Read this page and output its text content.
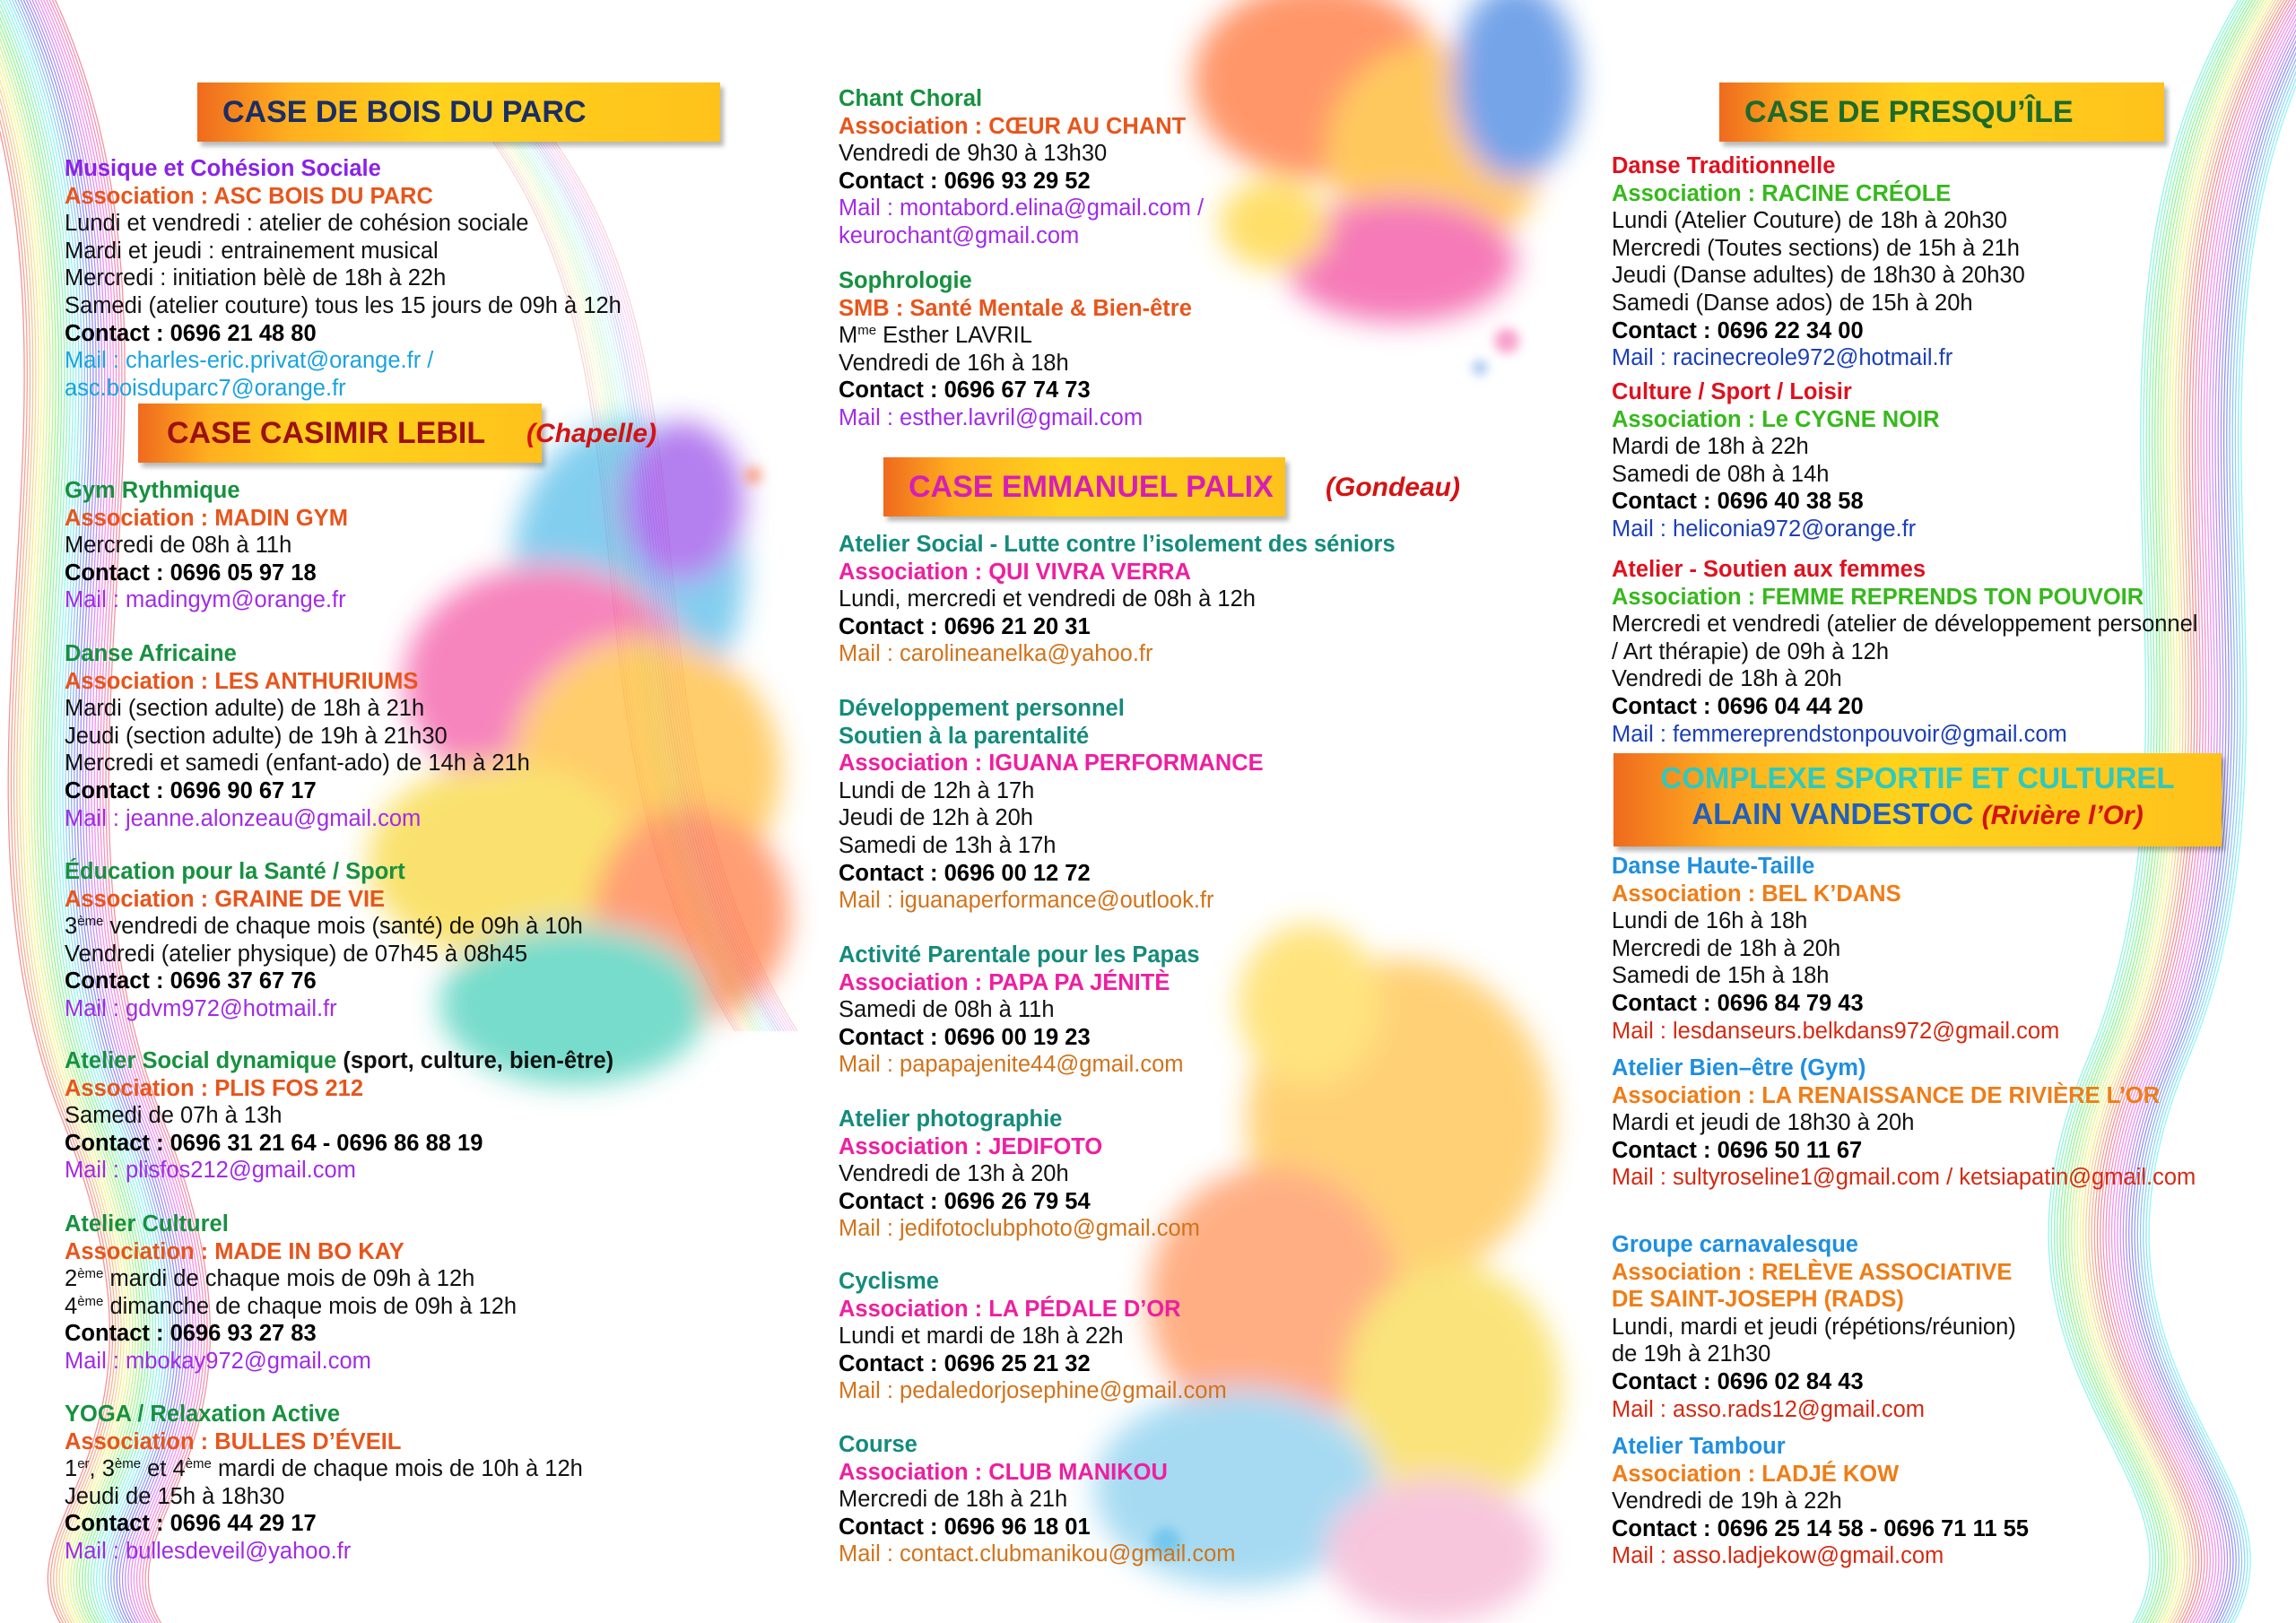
CASE DE BOIS DU PARC
Musique et Cohésion Sociale
Association : ASC BOIS DU PARC
Lundi et vendredi : atelier de cohésion sociale
Mardi et jeudi : entrainement musical
Mercredi : initiation bèlè de 18h à 22h
Samedi (atelier couture) tous les 15 jours de 09h à 12h
Contact : 0696 21 48 80
Mail : charles-eric.privat@orange.fr /
asc.boisduparc7@orange.fr
CASE CASIMIR LEBIL	(Chapelle)
Gym Rythmique
Association : MADIN GYM
Mercredi de 08h à 11h
Contact : 0696 05 97 18
Mail : madingym@orange.fr
Danse Africaine
Association : LES ANTHURIUMS
Mardi (section adulte) de 18h à 21h
Jeudi (section adulte) de 19h à 21h30
Mercredi et samedi (enfant-ado) de 14h à 21h
Contact : 0696 90 67 17
Mail : jeanne.alonzeau@gmail.com
Éducation pour la Santé / Sport
Association : GRAINE DE VIE
3ème vendredi de chaque mois (santé) de 09h à 10h
Vendredi (atelier physique) de 07h45 à 08h45
Contact : 0696 37 67 76
Mail : gdvm972@hotmail.fr
Atelier Social dynamique (sport, culture, bien-être)
Association : PLIS FOS 212
Samedi de 07h à 13h
Contact : 0696 31 21 64 - 0696 86 88 19
Mail : plisfos212@gmail.com
Atelier Culturel
Association : MADE IN BO KAY
2ème mardi de chaque mois de 09h à 12h
4ème dimanche de chaque mois de 09h à 12h
Contact : 0696 93 27 83
Mail : mbokay972@gmail.com
YOGA / Relaxation Active
Association : BULLES D’ÉVEIL
1er, 3ème et 4ème mardi de chaque mois de 10h à 12h
Jeudi de 15h à 18h30
Contact : 0696 44 29 17
Mail : bullesdeveil@yahoo.fr
Chant Choral
Association : CŒUR AU CHANT
Vendredi de 9h30 à 13h30
Contact : 0696 93 29 52
Mail : montabord.elina@gmail.com /
keurochant@gmail.com
Sophrologie
SMB : Santé Mentale & Bien-être
$M^{me}$ Esther LAVRIL
Vendredi de 16h à 18h
Contact : 0696 67 74 73
Mail : esther.lavril@gmail.com
CASE EMMANUEL PALIX	(Gondeau)
Atelier Social - Lutte contre l’isolement des séniors
Association : QUI VIVRA VERRA
Lundi, mercredi et vendredi de 08h à 12h
Contact : 0696 21 20 31
Mail : carolineanelka@yahoo.fr
Développement personnel
Soutien à la parentalité
Association : IGUANA PERFORMANCE
Lundi de 12h à 17h
Jeudi de 12h à 20h
Samedi de 13h à 17h
Contact : 0696 00 12 72
Mail : iguanaperformance@outlook.fr
Activité Parentale pour les Papas
Association : PAPA PA JÉNITÈ
Samedi de 08h à 11h
Contact : 0696 00 19 23
Mail : papapajenite44@gmail.com
Atelier photographie
Association : JEDIFOTO
Vendredi de 13h à 20h
Contact : 0696 26 79 54
Mail : jedifotoclubphoto@gmail.com
Cyclisme
Association : LA PÉDALE D’OR
Lundi et mardi de 18h à 22h
Contact : 0696 25 21 32
Mail : pedaledorjosephine@gmail.com
Course
Association : CLUB MANIKOU
Mercredi de 18h à 21h
Contact : 0696 96 18 01
Mail : contact.clubmanikou@gmail.com
CASE DE PRESQU’ÎLE
Danse Traditionnelle
Association : RACINE CRÉOLE
Lundi (Atelier Couture) de 18h à 20h30
Mercredi (Toutes sections) de 15h à 21h
Jeudi (Danse adultes) de 18h30 à 20h30
Samedi (Danse ados) de 15h à 20h
Contact : 0696 22 34 00
Mail : racinecreole972@hotmail.fr
Culture / Sport / Loisir
Association : Le CYGNE NOIR
Mardi de 18h à 22h
Samedi de 08h à 14h
Contact : 0696 40 38 58
Mail : heliconia972@orange.fr
Atelier - Soutien aux femmes
Association : FEMME REPRENDS TON POUVOIR
Mercredi et vendredi (atelier de développement personnel
/ Art thérapie) de 09h à 12h
Vendredi de 18h à 20h
Contact : 0696 04 44 20
Mail : femmereprendstonpouvoir@gmail.com
COMPLEXE SPORTIF ET CULTUREL
ALAIN VANDESTOC (Rivière l’Or)
Danse Haute-Taille
Association : BEL K’DANS
Lundi de 16h à 18h
Mercredi de 18h à 20h
Samedi de 15h à 18h
Contact : 0696 84 79 43
Mail : lesdanseurs.belkdans972@gmail.com
Atelier Bien–être (Gym)
Association : LA RENAISSANCE DE RIVIÈRE L’OR
Mardi et jeudi de 18h30 à 20h
Contact : 0696 50 11 67
Mail : sultyroseline1@gmail.com / ketsiapatin@gmail.com
Groupe carnavalesque
Association : RELÈVE ASSOCIATIVE
DE SAINT-JOSEPH (RADS)
Lundi, mardi et jeudi (répétions/réunion)
de 19h à 21h30
Contact : 0696 02 84 43
Mail : asso.rads12@gmail.com
Atelier Tambour
Association : LADJÉ KOW
Vendredi de 19h à 22h
Contact : 0696 25 14 58 - 0696 71 11 55
Mail : asso.ladjekow@gmail.com
